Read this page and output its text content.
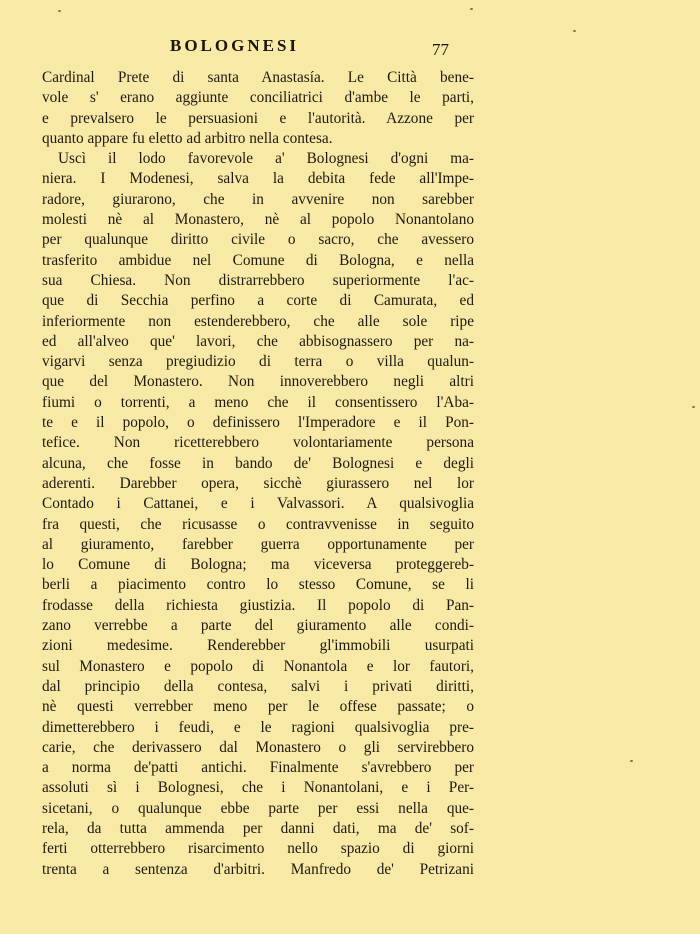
BOLOGNESI	77
Cardinal Prete di santa Anastasía. Le Città bene-
vole s' erano aggiunte conciliatrici d'ambe le parti,
e prevalsero le persuasioni e l'autorità. Azzone per
quanto appare fu eletto ad arbitro nella contesa.
Uscì il lodo favorevole a' Bolognesi d'ogni ma-
niera. I Modenesi, salva la debita fede all'Impe-
radore, giurarono, che in avvenire non sarebber
molesti nè al Monastero, nè al popolo Nonantolano
per qualunque diritto civile o sacro, che avessero
trasferito ambidue nel Comune di Bologna, e nella
sua Chiesa. Non distrarrebbero superiormente l'ac-
que di Secchia perfino a corte di Camurata, ed
inferiormente non estenderebbero, che alle sole ripe
ed all'alveo que' lavori, che abbisognassero per na-
vigarvi senza pregiudizio di terra o villa qualun-
que del Monastero. Non innoverebbero negli altri
fiumi o torrenti, a meno che il consentissero l'Aba-
te e il popolo, o definissero l'Imperadore e il Pon-
tefice. Non ricetterebbero volontariamente persona
alcuna, che fosse in bando de' Bolognesi e degli
aderenti. Darebber opera, sicchè giurassero nel lor
Contado i Cattanei, e i Valvassori. A qualsivoglia
fra questi, che ricusasse o contravvenisse in seguito
al giuramento, farebber guerra opportunamente per
lo Comune di Bologna; ma viceversa proteggereb-
berli a piacimento contro lo stesso Comune, se li
frodasse della richiesta giustizia. Il popolo di Pan-
zano verrebbe a parte del giuramento alle condi-
zioni medesime. Renderebber gl'immobili usurpati
sul Monastero e popolo di Nonantola e lor fautori,
dal principio della contesa, salvi i privati diritti,
nè questi verrebber meno per le offese passate; o
dimetterebbero i feudi, e le ragioni qualsivoglia pre-
carie, che derivassero dal Monastero o gli servirebbero
a norma de'patti antichi. Finalmente s'avrebbero per
assoluti sì i Bolognesi, che i Nonantolani, e i Per-
sicetani, o qualunque ebbe parte per essi nella que-
rela, da tutta ammenda per danni dati, ma de' sof-
ferti otterrebbero risarcimento nello spazio di giorni
trenta a sentenza d'arbitri. Manfredo de' Petrizani
